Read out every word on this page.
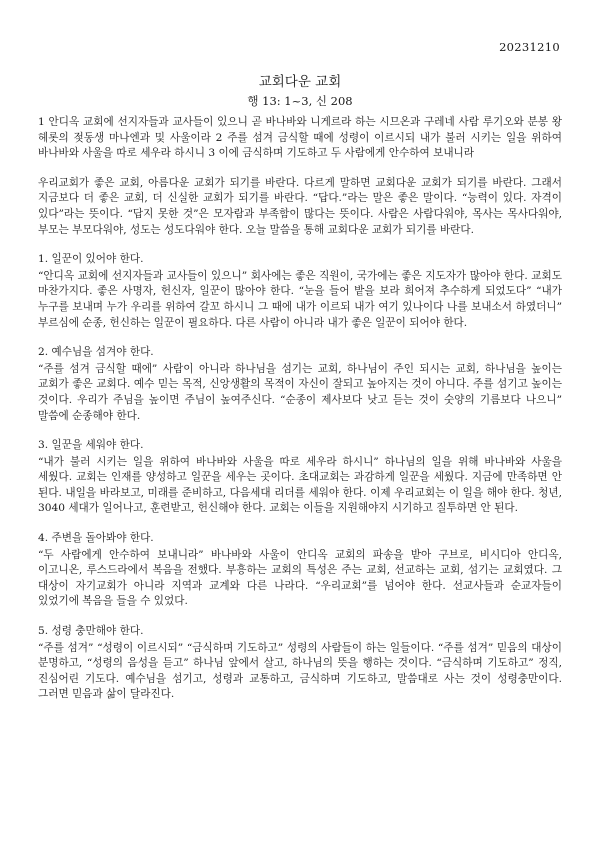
20231210
교회다운 교회
행 13: 1~3, 신 208

1 안디옥 교회에 선지자들과 교사들이 있으니 곧 바나바와 니게르라 하는 시므온과 구레네 사람 루기오와 분봉 왕 헤롯의 젖동생 마나엔과 및 사울이라 2 주를 섬겨 금식할 때에 성령이 이르시되 내가 불러 시키는 일을 위하여 바나바와 사울을 따로 세우라 하시니 3 이에 금식하며 기도하고 두 사람에게 안수하여 보내니라

우리교회가 좋은 교회, 아름다운 교회가 되기를 바란다. 다르게 말하면 교회다운 교회가 되기를 바란다. 그래서 지금보다 더 좋은 교회, 더 신실한 교회가 되기를 바란다. “답다.”라는 말은 좋은 말이다. “능력이 있다. 자격이 있다”라는 뜻이다. “답지 못한 것”은 모자람과 부족함이 많다는 뜻이다. 사람은 사람다워야, 목사는 목사다워야, 부모는 부모다워야, 성도는 성도다워야 한다. 오늘 말씀을 통해 교회다운 교회가 되기를 바란다.

1. 일꾼이 있어야 한다.

“안디옥 교회에 선지자들과 교사들이 있으니” 회사에는 좋은 직원이, 국가에는 좋은 지도자가 많아야 한다. 교회도 마찬가지다. 좋은 사명자, 헌신자, 일꾼이 많아야 한다. “눈을 들어 밭을 보라 희어져 추수하게 되었도다” “내가 누구를 보내며 누가 우리를 위하여 갈꼬 하시니 그 때에 내가 이르되 내가 여기 있나이다 나를 보내소서 하였더니” 부르심에 순종, 헌신하는 일꾼이 필요하다. 다른 사람이 아니라 내가 좋은 일꾼이 되어야 한다.

2. 예수님을 섬겨야 한다.

“주를 섬겨 금식할 때에” 사람이 아니라 하나님을 섬기는 교회, 하나님이 주인 되시는 교회, 하나님을 높이는 교회가 좋은 교회다. 예수 믿는 목적, 신앙생활의 목적이 자신이 잘되고 높아지는 것이 아니다. 주를 섬기고 높이는 것이다. 우리가 주님을 높이면 주님이 높여주신다. “순종이 제사보다 낫고 듣는 것이 숫양의 기름보다 나으니” 말씀에 순종해야 한다.

3. 일꾼을 세워야 한다.

“내가 불러 시키는 일을 위하여 바나바와 사울을 따로 세우라 하시니” 하나님의 일을 위해 바나바와 사울을 세웠다. 교회는 인재를 양성하고 일꾼을 세우는 곳이다. 초대교회는 과감하게 일꾼을 세웠다. 지금에 만족하면 안 된다. 내일을 바라보고, 미래를 준비하고, 다음세대 리더를 세워야 한다. 이제 우리교회는 이 일을 해야 한다. 청년, 3040 세대가 일어나고, 훈련받고, 헌신해야 한다. 교회는 이들을 지원해야지 시기하고 질투하면 안 된다.

4. 주변을 돌아봐야 한다.

“두 사람에게 안수하여 보내니라” 바나바와 사울이 안디옥 교회의 파송을 받아 구브로, 비시디아 안디옥, 이고니온, 루스드라에서 복음을 전했다. 부흥하는 교회의 특성은 주는 교회, 선교하는 교회, 섬기는 교회였다. 그 대상이 자기교회가 아니라 지역과 교계와 다른 나라다. “우리교회”를 넘어야 한다. 선교사들과 순교자들이 있었기에 복음을 들을 수 있었다.

5. 성령 충만해야 한다.

“주를 섬겨” “성령이 이르시되” “금식하며 기도하고” 성령의 사람들이 하는 일들이다. “주를 섬겨” 믿음의 대상이 분명하고, “성령의 음성을 듣고” 하나님 앞에서 살고, 하나님의 뜻을 행하는 것이다. “금식하며 기도하고” 정직, 진심어린 기도다. 예수님을 섬기고, 성령과 교통하고, 금식하며 기도하고, 말씀대로 사는 것이 성령충만이다. 그러면 믿음과 삶이 달라진다.
